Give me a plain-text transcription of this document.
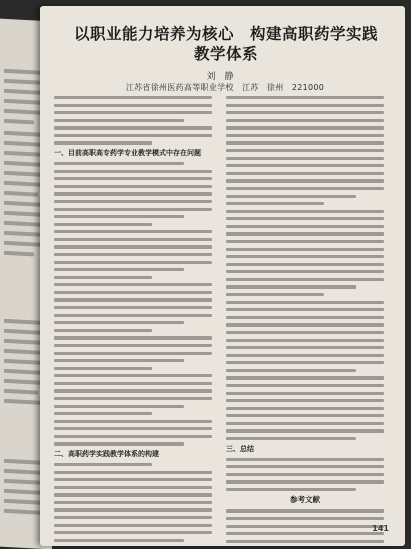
以职业能力培养为核心　构建高职药学实践
教学体系
刘　静
江苏省徐州医药高等职业学校　江苏　徐州　221000
一、目前高职高专药学专业教学模式中存在问题
二、高职药学实践教学体系的构建
三、总结
参考文献
141
